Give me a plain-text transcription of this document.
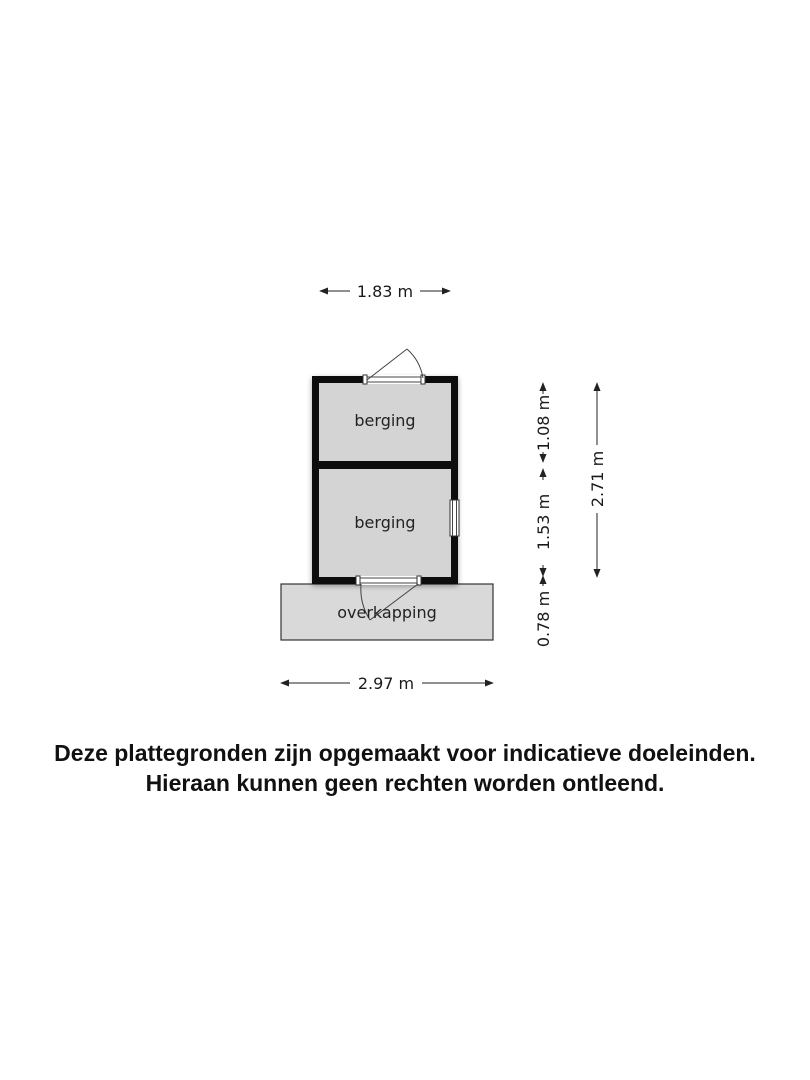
berging
berging
overkapping
1.83 m
2.97 m
2.71 m
1.08 m
1.53 m
0.78 m
Deze plattegronden zijn opgemaakt voor indicatieve doeleinden.
Hieraan kunnen geen rechten worden ontleend.
